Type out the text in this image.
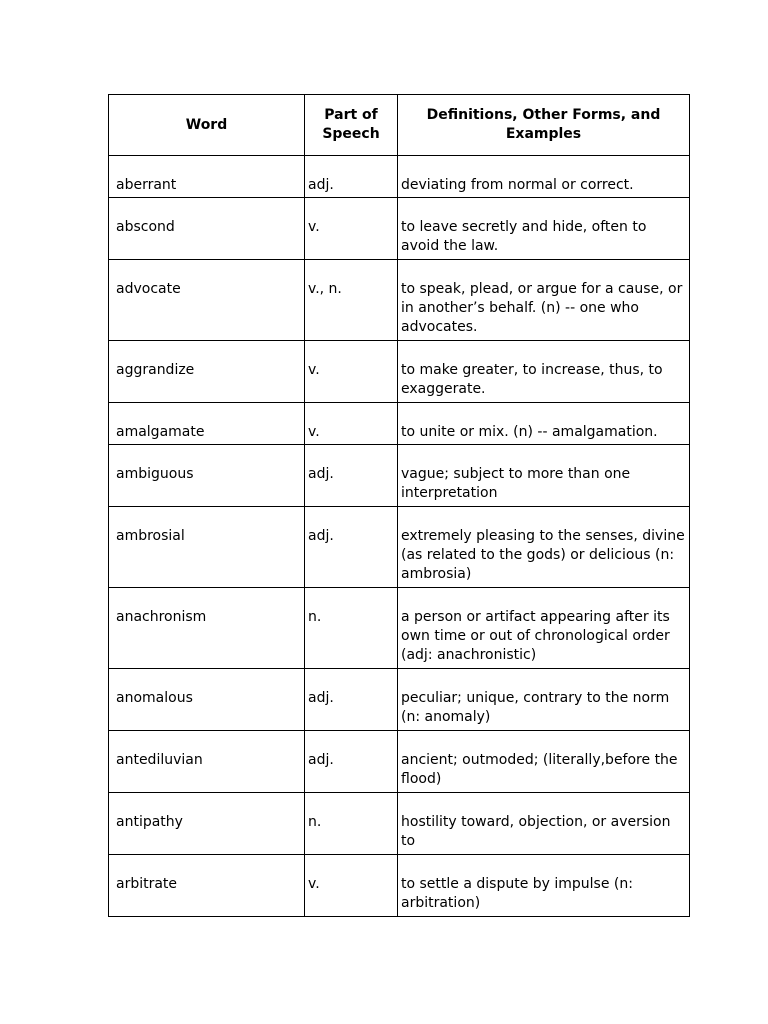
Word	Part of Speech	Definitions, Other Forms, and Examples
aberrant	adj.	deviating from normal or correct.
abscond	v.	to leave secretly and hide, often to avoid the law.
advocate	v., n.	to speak, plead, or argue for a cause, or in another’s behalf. (n) -- one who advocates.
aggrandize	v.	to make greater, to increase, thus, to exaggerate.
amalgamate	v.	to unite or mix. (n) -- amalgamation.
ambiguous	adj.	vague; subject to more than one interpretation
ambrosial	adj.	extremely pleasing to the senses, divine (as related to the gods) or delicious (n: ambrosia)
anachronism	n.	a person or artifact appearing after its own time or out of chronological order (adj: anachronistic)
anomalous	adj.	peculiar; unique, contrary to the norm (n: anomaly)
antediluvian	adj.	ancient; outmoded; (literally,before the flood)
antipathy	n.	hostility toward, objection, or aversion to
arbitrate	v.	to settle a dispute by impulse (n: arbitration)
